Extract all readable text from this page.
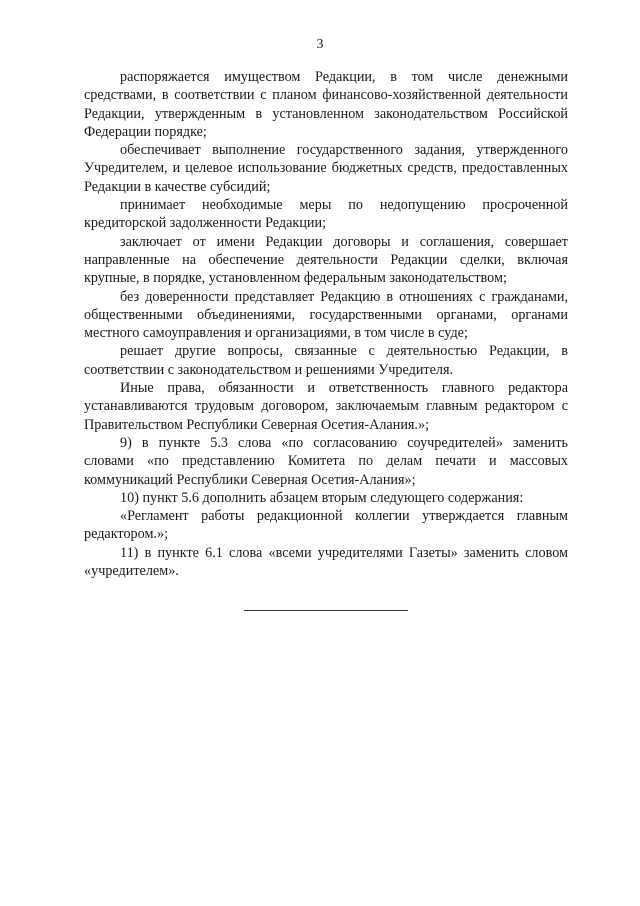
3

распоряжается имуществом Редакции, в том числе денежными средствами, в соответствии с планом финансово-хозяйственной деятельности Редакции, утвержденным в установленном законодательством Российской Федерации порядке;

обеспечивает выполнение государственного задания, утвержденного Учредителем, и целевое использование бюджетных средств, предоставленных Редакции в качестве субсидий;

принимает необходимые меры по недопущению просроченной кредиторской задолженности Редакции;

заключает от имени Редакции договоры и соглашения, совершает направленные на обеспечение деятельности Редакции сделки, включая крупные, в порядке, установленном федеральным законодательством;

без доверенности представляет Редакцию в отношениях с гражданами, общественными объединениями, государственными органами, органами местного самоуправления и организациями, в том числе в суде;

решает другие вопросы, связанные с деятельностью Редакции, в соответствии с законодательством и решениями Учредителя.

Иные права, обязанности и ответственность главного редактора устанавливаются трудовым договором, заключаемым главным редактором с Правительством Республики Северная Осетия-Алания.»;

9) в пункте 5.3 слова «по согласованию соучредителей» заменить словами «по представлению Комитета по делам печати и массовых коммуникаций Республики Северная Осетия-Алания»;

10) пункт 5.6 дополнить абзацем вторым следующего содержания:

«Регламент работы редакционной коллегии утверждается главным редактором.»;

11) в пункте 6.1 слова «всеми учредителями Газеты» заменить словом «учредителем».
